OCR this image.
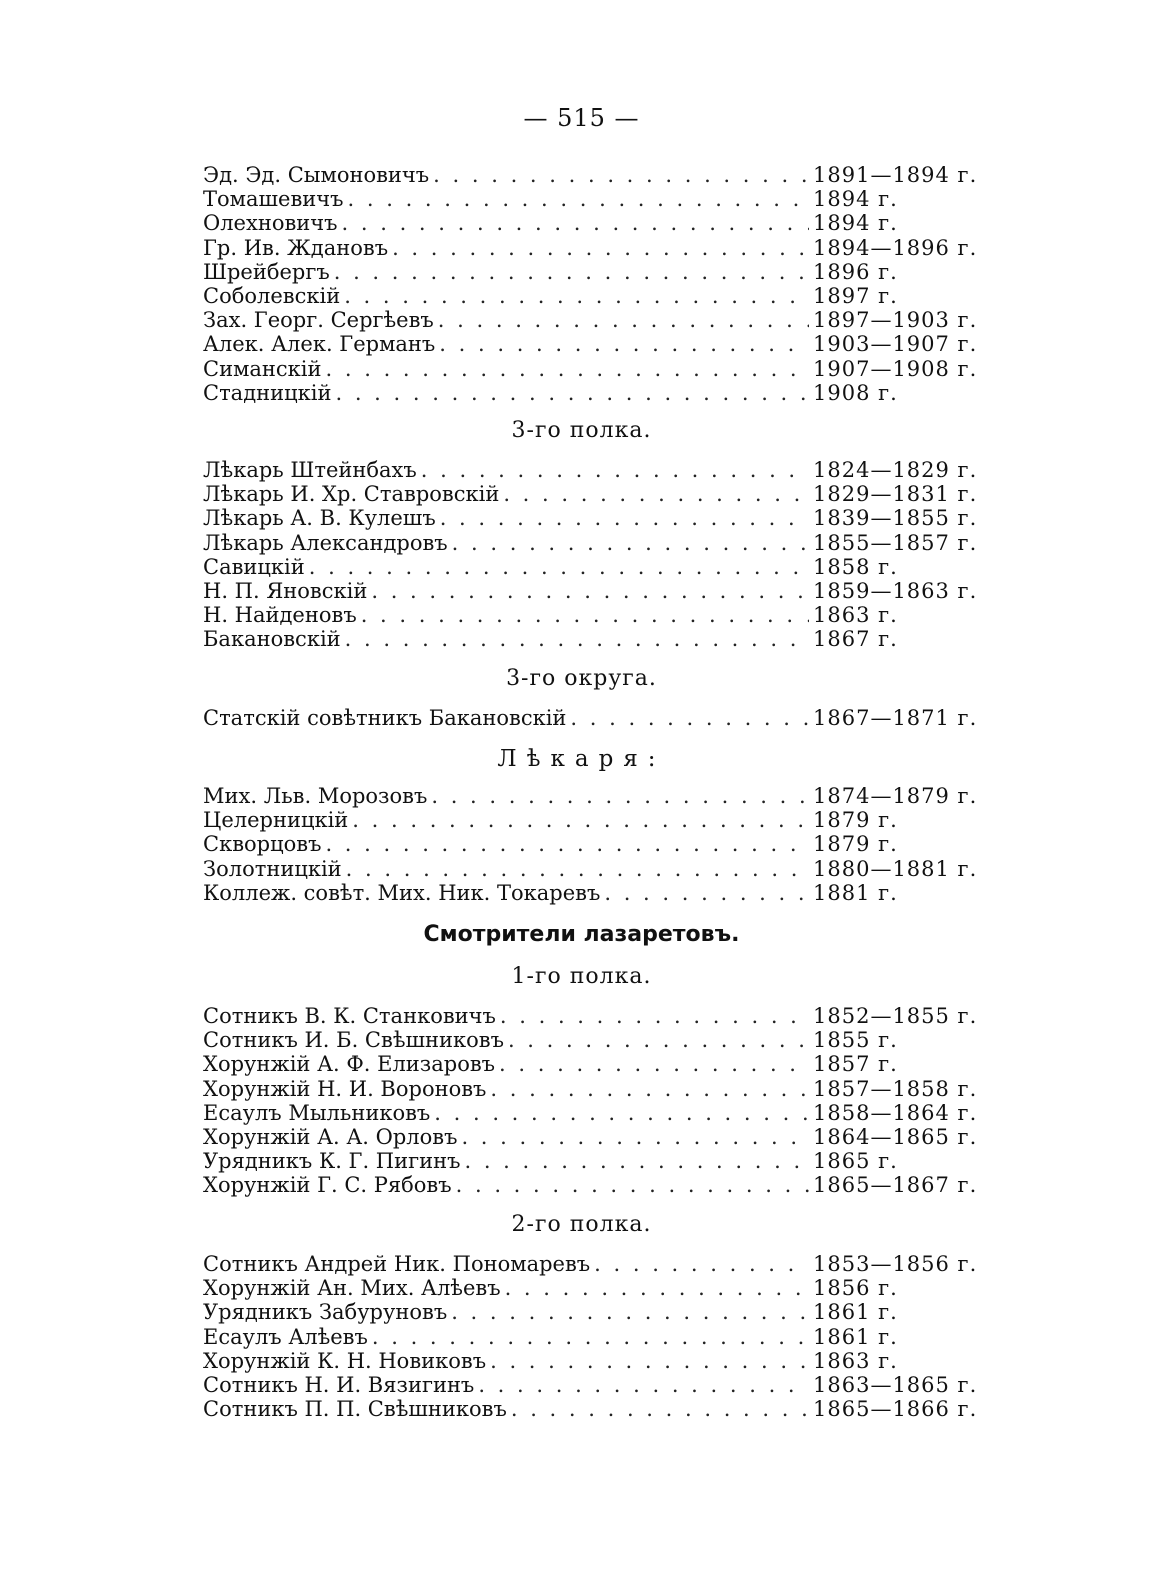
— 515 —
Эд. Эд. Сымоновичъ . . .	1891—1894 г.
Томашевичъ . . .	1894 г.
Олехновичъ . . .	1894 г.
Гр. Ив. Ждановъ . . .	1894—1896 г.
Шрейбергъ . . .	1896 г.
Соболевскій . . .	1897 г.
Зах. Георг. Сергѣевъ . . .	1897—1903 г.
Алек. Алек. Германъ . . .	1903—1907 г.
Симанскій . . .	1907—1908 г.
Стадницкій . . .	1908 г.
3-го полка.
Лѣкарь Штейнбахъ . . .	1824—1829 г.
Лѣкарь И. Хр. Ставровскій . . .	1829—1831 г.
Лѣкарь А. В. Кулешъ . . .	1839—1855 г.
Лѣкарь Александровъ . . .	1855—1857 г.
Савицкій . . .	1858 г.
Н. П. Яновскій . . .	1859—1863 г.
Н. Найденовъ . . .	1863 г.
Бакановскій . . .	1867 г.
3-го округа.
Статскій совѣтникъ Бакановскій . . .	1867—1871 г.
Лѣкаря:
Мих. Льв. Морозовъ . . .	1874—1879 г.
Целерницкій . . .	1879 г.
Скворцовъ . . .	1879 г.
Золотницкій . . .	1880—1881 г.
Коллеж. совѣт. Мих. Ник. Токаревъ . . .	1881 г.
Смотрители лазаретовъ.
1-го полка.
Сотникъ В. К. Станковичъ . . .	1852—1855 г.
Сотникъ И. Б. Свѣшниковъ . . .	1855 г.
Хорунжій А. Ф. Елизаровъ . . .	1857 г.
Хорунжій Н. И. Вороновъ . . .	1857—1858 г.
Есаулъ Мыльниковъ . . .	1858—1864 г.
Хорунжій А. А. Орловъ . . .	1864—1865 г.
Урядникъ К. Г. Пигинъ . . .	1865 г.
Хорунжій Г. С. Рябовъ . . .	1865—1867 г.
2-го полка.
Сотникъ Андрей Ник. Пономаревъ . . .	1853—1856 г.
Хорунжій Ан. Мих. Алѣевъ . . .	1856 г.
Урядникъ Забуруновъ . . .	1861 г.
Есаулъ Алѣевъ . . .	1861 г.
Хорунжій К. Н. Новиковъ . . .	1863 г.
Сотникъ Н. И. Вязигинъ . . .	1863—1865 г.
Сотникъ П. П. Свѣшниковъ . . .	1865—1866 г.
